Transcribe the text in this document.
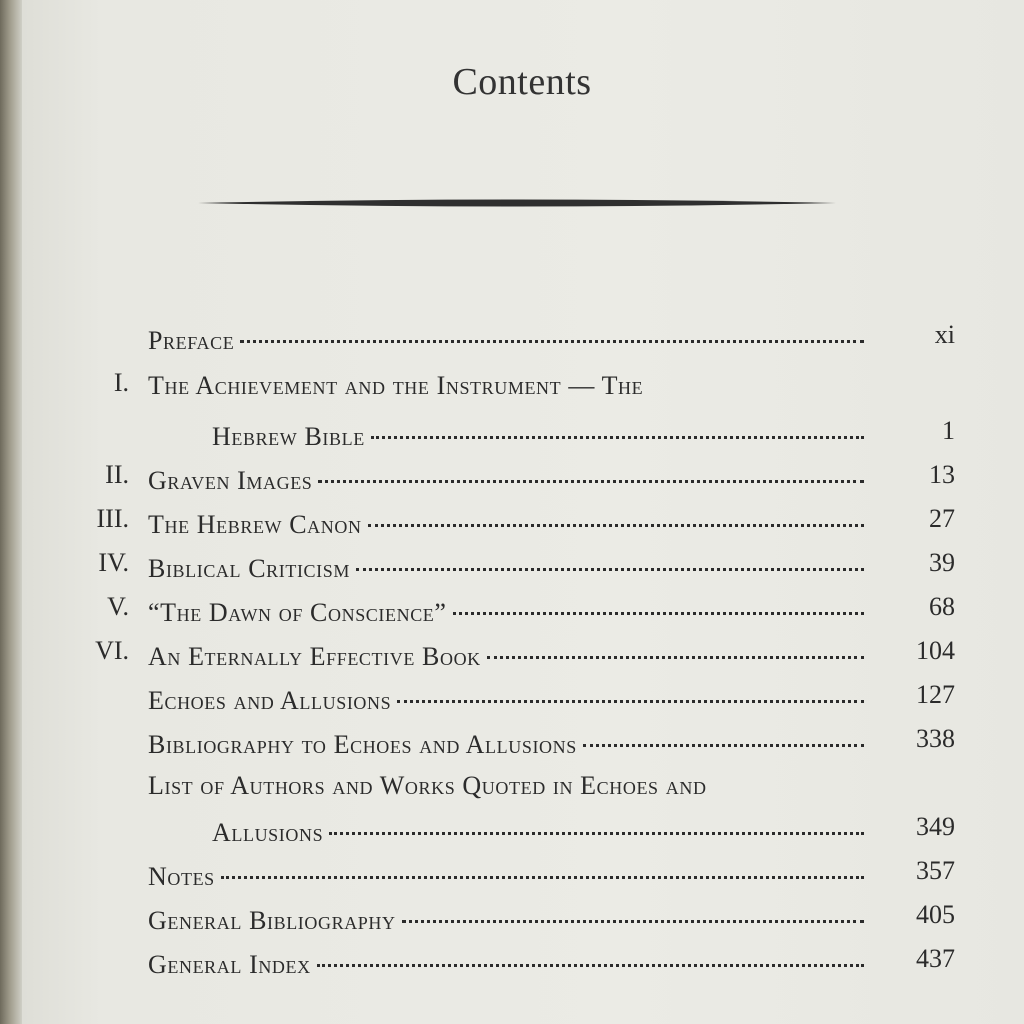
Contents
Preface	xi
I. The Achievement and the Instrument — The
Hebrew Bible	1
II. Graven Images	13
III. The Hebrew Canon	27
IV. Biblical Criticism	39
V. “The Dawn of Conscience”	68
VI. An Eternally Effective Book	104
Echoes and Allusions	127
Bibliography to Echoes and Allusions	338
List of Authors and Works Quoted in Echoes and
Allusions	349
Notes	357
General Bibliography	405
General Index	437
